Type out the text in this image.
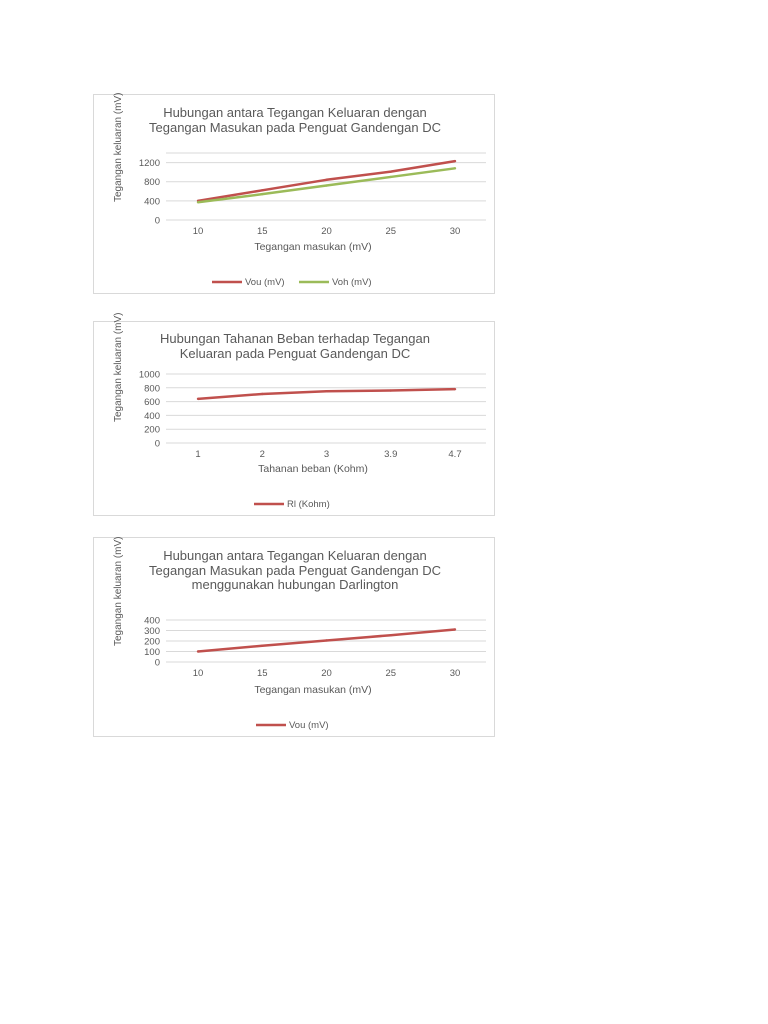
Tegangan keluaran (mV)	Hubungan antara Tegangan Keluaran dengan
Tegangan Masukan pada Penguat Gandengan DC
0
400
800
1200
10	15	20	25	30
Tegangan masukan (mV)
Vou (mV)	Voh (mV)
Tegangan keluaran (mV)	Hubungan Tahanan Beban terhadap Tegangan
Keluaran pada Penguat Gandengan DC
0
200
400
600
800
1000
1	2	3	3.9	4.7
Tahanan beban (Kohm)
Rl (Kohm)
Tegangan keluaran (mV)	Hubungan antara Tegangan Keluaran dengan
Tegangan Masukan pada Penguat Gandengan DC
menggunakan hubungan Darlington
0
100
200
300
400
10	15	20	25	30
Tegangan masukan (mV)
Vou (mV)
